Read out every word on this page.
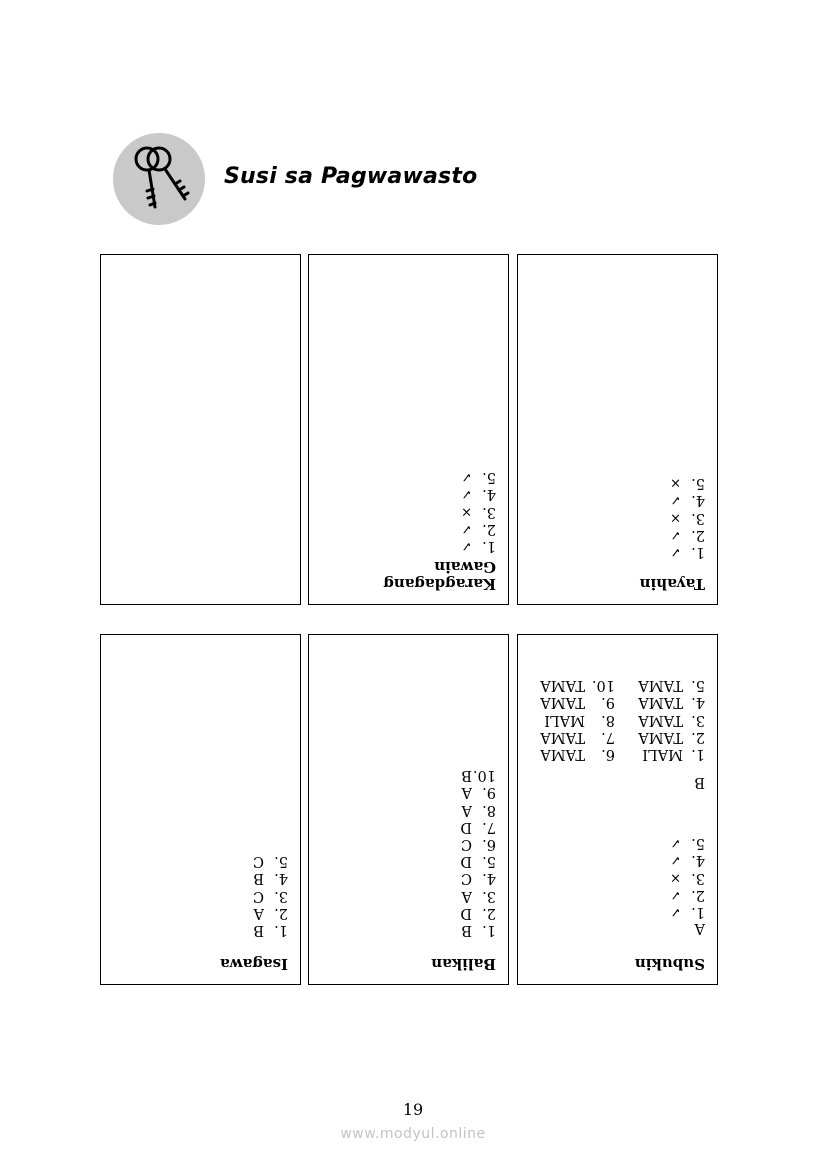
Susi sa Pagwawasto
Karagdagang
Gawain
1.✓
2.✓
3.×
4.✓
5.✓
Tayahin
1.✓
2.✓
3.×
4.✓
5.×
Isagawa
1.B
2.A
3.C
4.B
5.C
Balikan
1.B
2.D
3.A
4.C
5.D
6.C
7.D
8.A
9.A
10.B
Subukin
A
1.✓
2.✓
3.×
4.✓
5.✓
B
1.MALI
2.TAMA
3.TAMA
4.TAMA
5.TAMA
6.TAMA
7.TAMA
8.MALI
9.TAMA
10.TAMA
19
www.modyul.online
